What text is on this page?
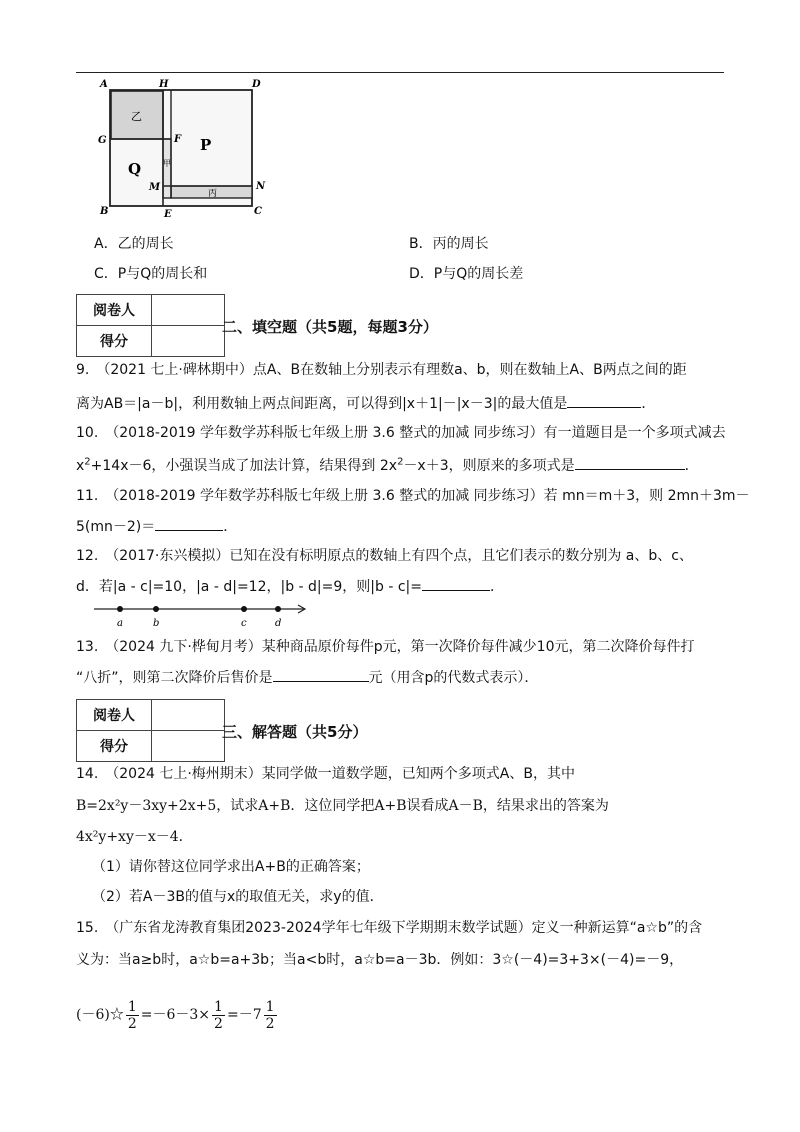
A	H	D
G	F
M	N
B	E	C
乙
P
Q	甲
丙
A．乙的周长	B．丙的周长
C．P与Q的周长和	D．P与Q的周长差
阅卷人	
得分	
二、填空题（共5题，每题3分）
9.　（2021 七上·碑林期中）点A、B在数轴上分别表示有理数a、b，则在数轴上A、B两点之间的距
离为AB＝|a－b|，利用数轴上两点间距离，可以得到|x＋1|－|x－3|的最大值是	．
10.　（2018-2019 学年数学苏科版七年级上册 3.6 整式的加减 同步练习）有一道题目是一个多项式减去
$x^2+14x-6$，小强误当成了加法计算，结果得到 $2x^2-x+3$，则原来的多项式是	．
11.　（2018-2019 学年数学苏科版七年级上册 3.6 整式的加减 同步练习）若 mn＝m＋3，则 2mn＋3m－
5(mn－2)＝	．
12.　（2017·东兴模拟）已知在没有标明原点的数轴上有四个点，且它们表示的数分别为 a、b、c、
d．若|a - c|=10，|a - d|=12，|b - d|=9，则|b - c|=	．
a	b	c	d
13.　（2024 九下·桦甸月考）某种商品原价每件p元，第一次降价每件减少10元，第二次降价每件打
“八折”，则第二次降价后售价是	元（用含p的代数式表示）．
阅卷人	
得分	
三、解答题（共5分）
14.　（2024 七上·梅州期末）某同学做一道数学题，已知两个多项式A、B，其中
B=2x²y－3xy+2x+5，试求A+B．这位同学把A+B误看成A－B，结果求出的答案为
4x²y+xy－x－4．
（1）请你替这位同学求出A+B的正确答案；
（2）若A－3B的值与x的取值无关，求y的值．
15.　（广东省龙涛教育集团2023-2024学年七年级下学期期末数学试题）定义一种新运算“a☆b”的含
义为：当a≥b时，a☆b=a+3b；当a<b时，a☆b=a－3b．例如：3☆(－4)=3+3×(－4)=－9，
(－6)☆ $\frac{1}{2} =-6-3\times \frac{1}{2} =-7 \frac{1}{2}$
